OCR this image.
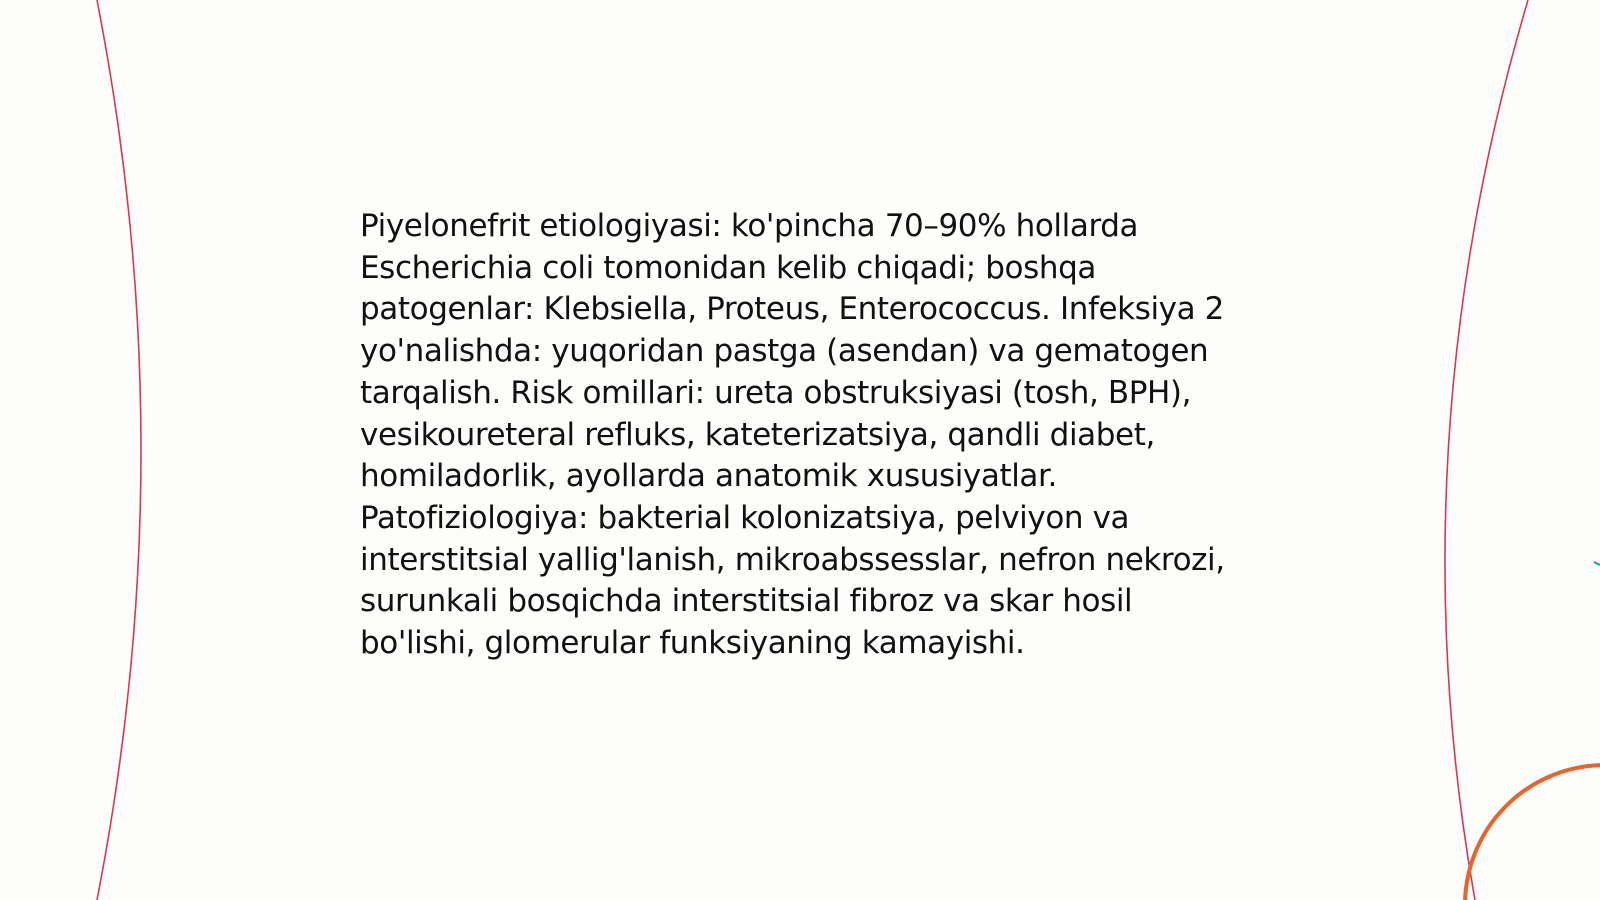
Piyelonefrit etiologiyasi: ko'pincha 70–90% hollarda Escherichia coli tomonidan kelib chiqadi; boshqa patogenlar: Klebsiella, Proteus, Enterococcus. Infeksiya 2 yo'nalishda: yuqoridan pastga (asendan) va gematogen tarqalish. Risk omillari: ureta obstruksiyasi (tosh, BPH), vesikoureteral refluks, kateterizatsiya, qandli diabet, homiladorlik, ayollarda anatomik xususiyatlar. Patofiziologiya: bakterial kolonizatsiya, pelviyon va interstitsial yallig'lanish, mikroabssesslar, nefron nekrozi, surunkali bosqichda interstitsial fibroz va skar hosil bo'lishi, glomerular funksiyaning kamayishi.
